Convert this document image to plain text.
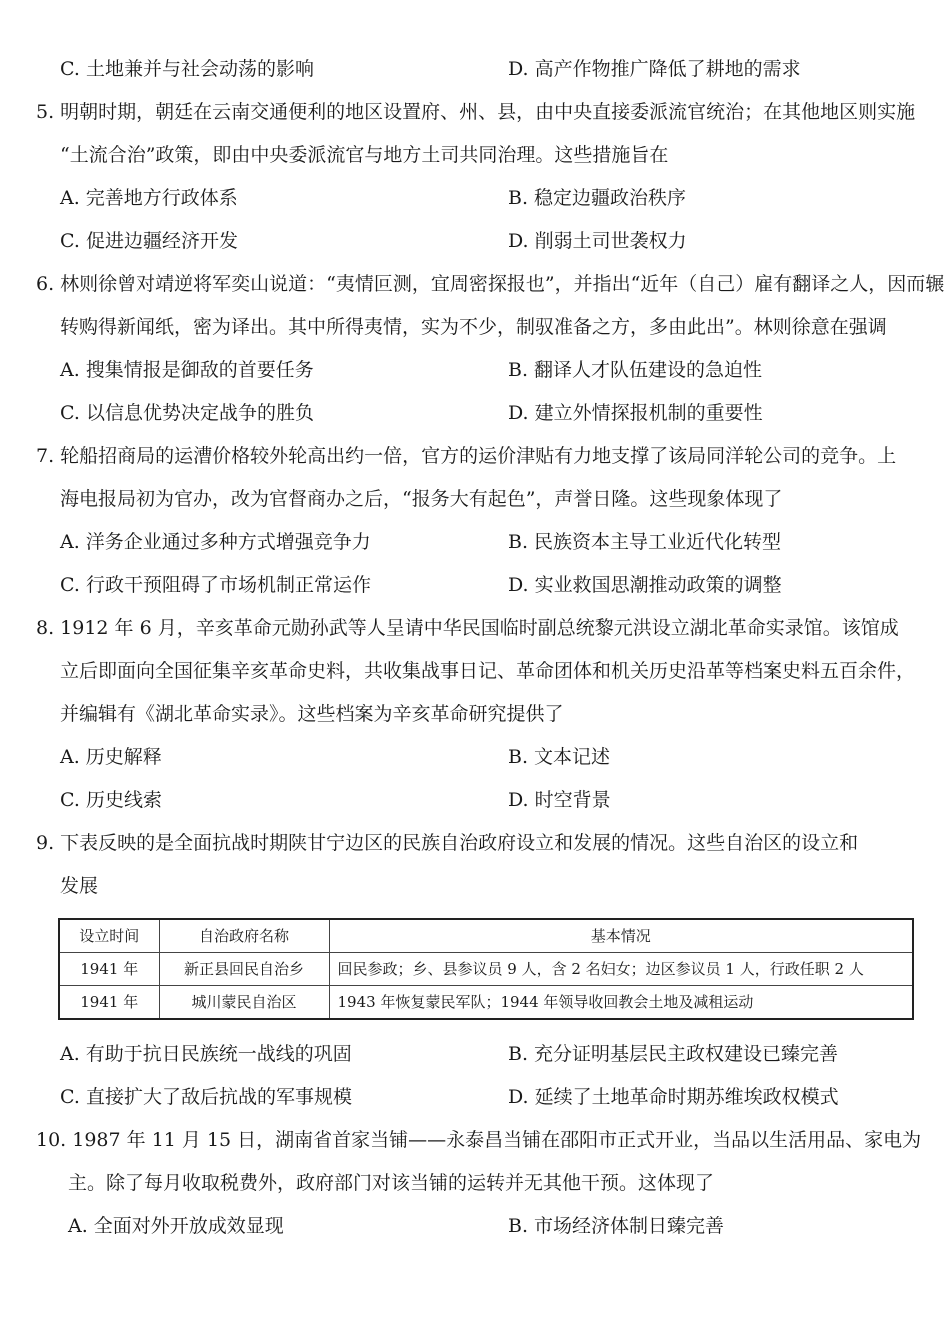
C. 土地兼并与社会动荡的影响	D. 高产作物推广降低了耕地的需求
5. 明朝时期，朝廷在云南交通便利的地区设置府、州、县，由中央直接委派流官统治；在其他地区则实施
“土流合治”政策，即由中央委派流官与地方土司共同治理。这些措施旨在
A. 完善地方行政体系	B. 稳定边疆政治秩序
C. 促进边疆经济开发	D. 削弱土司世袭权力
6. 林则徐曾对靖逆将军奕山说道：“夷情叵测，宜周密探报也”，并指出“近年（自己）雇有翻译之人，因而辗
转购得新闻纸，密为译出。其中所得夷情，实为不少，制驭准备之方，多由此出”。林则徐意在强调
A. 搜集情报是御敌的首要任务	B. 翻译人才队伍建设的急迫性
C. 以信息优势决定战争的胜负	D. 建立外情探报机制的重要性
7. 轮船招商局的运漕价格较外轮高出约一倍，官方的运价津贴有力地支撑了该局同洋轮公司的竞争。上
海电报局初为官办，改为官督商办之后，“报务大有起色”，声誉日隆。这些现象体现了
A. 洋务企业通过多种方式增强竞争力	B. 民族资本主导工业近代化转型
C. 行政干预阻碍了市场机制正常运作	D. 实业救国思潮推动政策的调整
8. 1912 年 6 月，辛亥革命元勋孙武等人呈请中华民国临时副总统黎元洪设立湖北革命实录馆。该馆成
立后即面向全国征集辛亥革命史料，共收集战事日记、革命团体和机关历史沿革等档案史料五百余件，
并编辑有《湖北革命实录》。这些档案为辛亥革命研究提供了
A. 历史解释	B. 文本记述
C. 历史线索	D. 时空背景
9. 下表反映的是全面抗战时期陕甘宁边区的民族自治政府设立和发展的情况。这些自治区的设立和
发展
设立时间	自治政府名称	基本情况
1941 年	新正县回民自治乡	回民参政；乡、县参议员 9 人，含 2 名妇女；边区参议员 1 人，行政任职 2 人
1941 年	城川蒙民自治区	1943 年恢复蒙民军队；1944 年领导收回教会土地及减租运动
A. 有助于抗日民族统一战线的巩固	B. 充分证明基层民主政权建设已臻完善
C. 直接扩大了敌后抗战的军事规模	D. 延续了土地革命时期苏维埃政权模式
10. 1987 年 11 月 15 日，湖南省首家当铺——永泰昌当铺在邵阳市正式开业，当品以生活用品、家电为
主。除了每月收取税费外，政府部门对该当铺的运转并无其他干预。这体现了
A. 全面对外开放成效显现	B. 市场经济体制日臻完善
